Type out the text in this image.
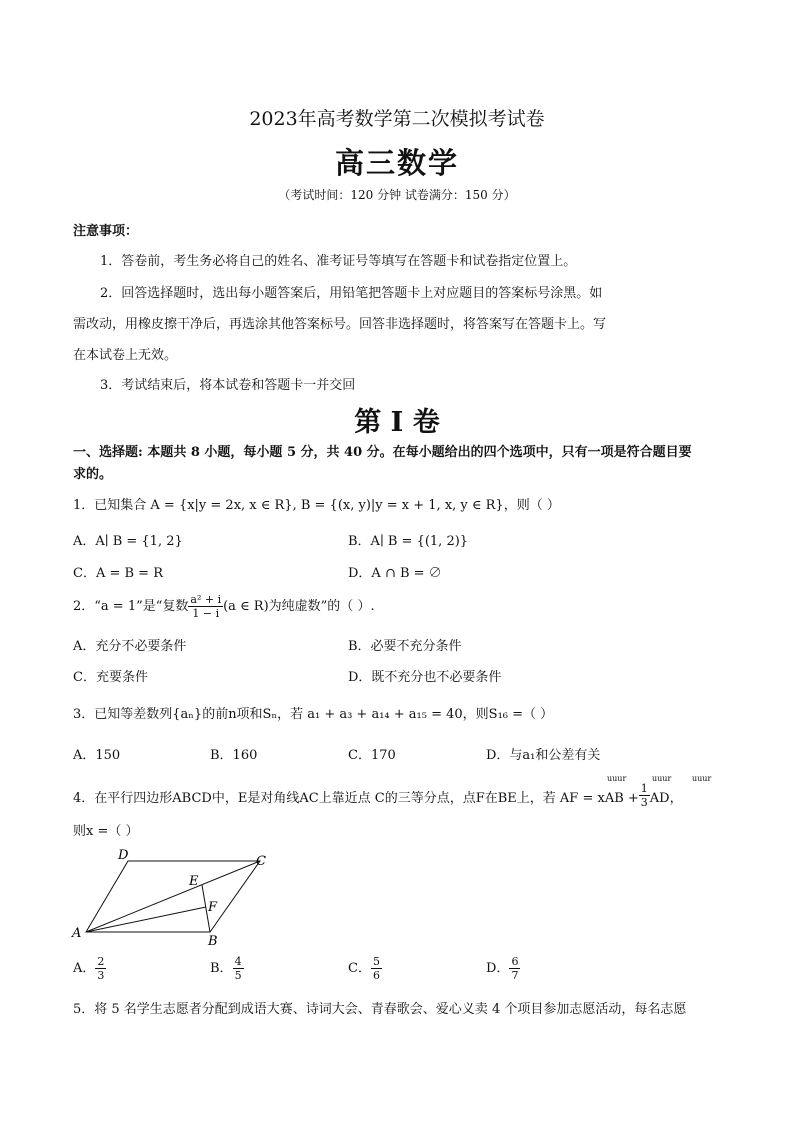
2023年高考数学第二次模拟考试卷
高三数学
（考试时间：120 分钟 试卷满分：150 分）
注意事项：
1．答卷前，考生务必将自己的姓名、准考证号等填写在答题卡和试卷指定位置上。
2．回答选择题时，选出每小题答案后，用铅笔把答题卡上对应题目的答案标号涂黑。如
需改动，用橡皮擦干净后，再选涂其他答案标号。回答非选择题时，将答案写在答题卡上。写
在本试卷上无效。
3．考试结束后，将本试卷和答题卡一并交回
第 I 卷
一、选择题: 本题共 8 小题，每小题 5 分，共 40 分。在每小题给出的四个选项中，只有一项是符合题目要
求的。
1．已知集合 A = {x|y = 2x, x ∈ R}, B = {(x, y)|y = x + 1, x, y ∈ R}，则（ ）
A．A∣ B = {1, 2}	B．A∣ B = {(1, 2)}
C．A = B = R	D．A ∩ B = ∅
2．“a = 1”是“复数 $\frac{\text{a² + i}}{1 - i} (a$ ∈ R)为纯虚数”的（ ）.
A．充分不必要条件	B．必要不充分条件
C．充要条件	D．既不充分也不必要条件
3．已知等差数列{aₙ}的前n项和Sₙ，若 a₁ + a₃ + a₁₄ + a₁₅ = 40，则S₁₆ =（ ）
A．150	B．160	C．170	D．与a₁和公差有关
4．在平行四边形ABCD中，E是对角线AC上靠近点 C的三等分点，点F在BE上，若 AF = xAB + $\frac{1}{3}$ AD，
uuur	uuur	uuur
则x =（ ）
A
B
C
D
E
F
A． $\frac{2}{3}$	B． $\frac{4}{5}$	C． $\frac{5}{6}$	D． $\frac{6}{7}$
5．将 5 名学生志愿者分配到成语大赛、诗词大会、青春歌会、爱心义卖 4 个项目参加志愿活动，每名志愿
